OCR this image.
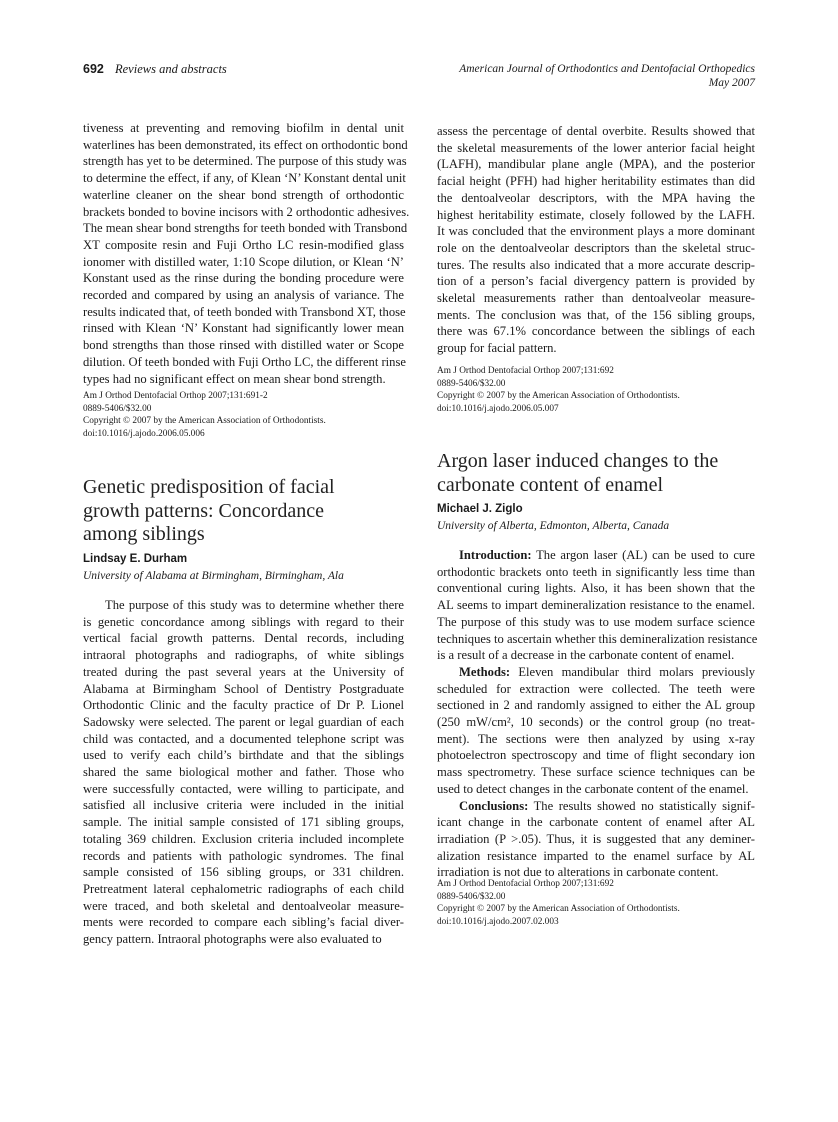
692 Reviews and abstracts	American Journal of Orthodontics and Dentofacial Orthopedics
May 2007
tiveness at preventing and removing biofilm in dental unit
waterlines has been demonstrated, its effect on orthodontic bond
strength has yet to be determined. The purpose of this study was
to determine the effect, if any, of Klean ‘N’ Konstant dental unit
waterline cleaner on the shear bond strength of orthodontic
brackets bonded to bovine incisors with 2 orthodontic adhesives.
The mean shear bond strengths for teeth bonded with Transbond
XT composite resin and Fuji Ortho LC resin-modified glass
ionomer with distilled water, 1:10 Scope dilution, or Klean ‘N’
Konstant used as the rinse during the bonding procedure were
recorded and compared by using an analysis of variance. The
results indicated that, of teeth bonded with Transbond XT, those
rinsed with Klean ‘N’ Konstant had significantly lower mean
bond strengths than those rinsed with distilled water or Scope
dilution. Of teeth bonded with Fuji Ortho LC, the different rinse
types had no significant effect on mean shear bond strength.
Am J Orthod Dentofacial Orthop 2007;131:691-2
0889-5406/$32.00
Copyright © 2007 by the American Association of Orthodontists.
doi:10.1016/j.ajodo.2006.05.006
Genetic predisposition of facial
growth patterns: Concordance
among siblings
Lindsay E. Durham
University of Alabama at Birmingham, Birmingham, Ala
The purpose of this study was to determine whether there
is genetic concordance among siblings with regard to their
vertical facial growth patterns. Dental records, including
intraoral photographs and radiographs, of white siblings
treated during the past several years at the University of
Alabama at Birmingham School of Dentistry Postgraduate
Orthodontic Clinic and the faculty practice of Dr P. Lionel
Sadowsky were selected. The parent or legal guardian of each
child was contacted, and a documented telephone script was
used to verify each child’s birthdate and that the siblings
shared the same biological mother and father. Those who
were successfully contacted, were willing to participate, and
satisfied all inclusive criteria were included in the initial
sample. The initial sample consisted of 171 sibling groups,
totaling 369 children. Exclusion criteria included incomplete
records and patients with pathologic syndromes. The final
sample consisted of 156 sibling groups, or 331 children.
Pretreatment lateral cephalometric radiographs of each child
were traced, and both skeletal and dentoalveolar measure-
ments were recorded to compare each sibling’s facial diver-
gency pattern. Intraoral photographs were also evaluated to
assess the percentage of dental overbite. Results showed that
the skeletal measurements of the lower anterior facial height
(LAFH), mandibular plane angle (MPA), and the posterior
facial height (PFH) had higher heritability estimates than did
the dentoalveolar descriptors, with the MPA having the
highest heritability estimate, closely followed by the LAFH.
It was concluded that the environment plays a more dominant
role on the dentoalveolar descriptors than the skeletal struc-
tures. The results also indicated that a more accurate descrip-
tion of a person’s facial divergency pattern is provided by
skeletal measurements rather than dentoalveolar measure-
ments. The conclusion was that, of the 156 sibling groups,
there was 67.1% concordance between the siblings of each
group for facial pattern.
Am J Orthod Dentofacial Orthop 2007;131:692
0889-5406/$32.00
Copyright © 2007 by the American Association of Orthodontists.
doi:10.1016/j.ajodo.2006.05.007
Argon laser induced changes to the
carbonate content of enamel
Michael J. Ziglo
University of Alberta, Edmonton, Alberta, Canada
Introduction: The argon laser (AL) can be used to cure
orthodontic brackets onto teeth in significantly less time than
conventional curing lights. Also, it has been shown that the
AL seems to impart demineralization resistance to the enamel.
The purpose of this study was to use modem surface science
techniques to ascertain whether this demineralization resistance
is a result of a decrease in the carbonate content of enamel.
Methods: Eleven mandibular third molars previously
scheduled for extraction were collected. The teeth were
sectioned in 2 and randomly assigned to either the AL group
(250 mW/cm², 10 seconds) or the control group (no treat-
ment). The sections were then analyzed by using x-ray
photoelectron spectroscopy and time of flight secondary ion
mass spectrometry. These surface science techniques can be
used to detect changes in the carbonate content of the enamel.
Conclusions: The results showed no statistically signif-
icant change in the carbonate content of enamel after AL
irradiation (P >.05). Thus, it is suggested that any deminer-
alization resistance imparted to the enamel surface by AL
irradiation is not due to alterations in carbonate content.
Am J Orthod Dentofacial Orthop 2007;131:692
0889-5406/$32.00
Copyright © 2007 by the American Association of Orthodontists.
doi:10.1016/j.ajodo.2007.02.003
